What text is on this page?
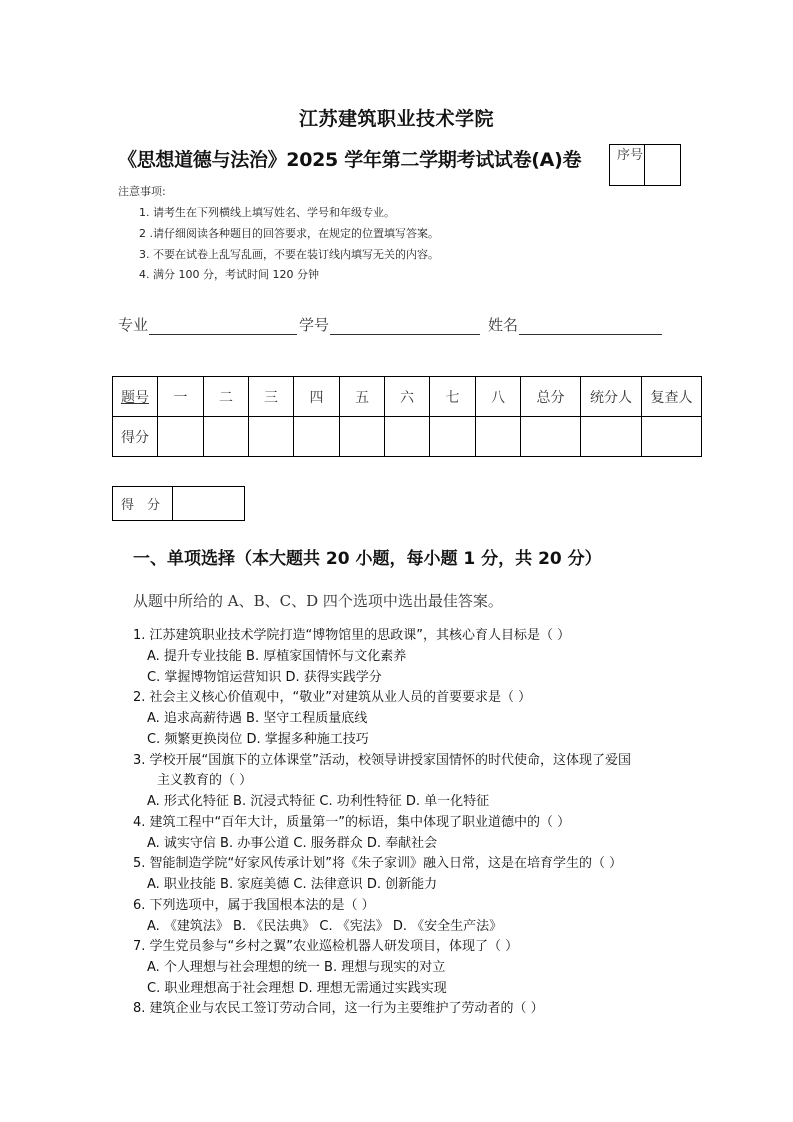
江苏建筑职业技术学院
《思想道德与法治》2025 学年第二学期考试试卷(A)卷	序号
注意事项:
1. 请考生在下列横线上填写姓名、学号和年级专业。
2 .请仔细阅读各种题目的回答要求，在规定的位置填写答案。
3. 不要在试卷上乱写乱画，不要在装订线内填写无关的内容。
4. 满分 100 分，考试时间 120 分钟
专业	学号	姓名
题号	一	二	三	四	五	六	七	八	总分	统分人	复查人
得分											
得　分	
一、单项选择（本大题共 20 小题，每小题 1 分，共 20 分）
从题中所给的 A、B、C、D 四个选项中选出最佳答案。
1. 江苏建筑职业技术学院打造“博物馆里的思政课”，其核心育人目标是（ ）
A. 提升专业技能 B. 厚植家国情怀与文化素养
C. 掌握博物馆运营知识 D. 获得实践学分
2. 社会主义核心价值观中，“敬业”对建筑从业人员的首要要求是（ ）
A. 追求高薪待遇 B. 坚守工程质量底线
C. 频繁更换岗位 D. 掌握多种施工技巧
3. 学校开展“国旗下的立体课堂”活动，校领导讲授家国情怀的时代使命，这体现了爱国
主义教育的（ ）
A. 形式化特征 B. 沉浸式特征 C. 功利性特征 D. 单一化特征
4. 建筑工程中“百年大计，质量第一”的标语，集中体现了职业道德中的（ ）
A. 诚实守信 B. 办事公道 C. 服务群众 D. 奉献社会
5. 智能制造学院“好家风传承计划”将《朱子家训》融入日常，这是在培育学生的（ ）
A. 职业技能 B. 家庭美德 C. 法律意识 D. 创新能力
6. 下列选项中，属于我国根本法的是（ ）
A. 《建筑法》 B. 《民法典》 C. 《宪法》 D. 《安全生产法》
7. 学生党员参与“乡村之翼”农业巡检机器人研发项目，体现了（ ）
A. 个人理想与社会理想的统一 B. 理想与现实的对立
C. 职业理想高于社会理想 D. 理想无需通过实践实现
8. 建筑企业与农民工签订劳动合同，这一行为主要维护了劳动者的（ ）
